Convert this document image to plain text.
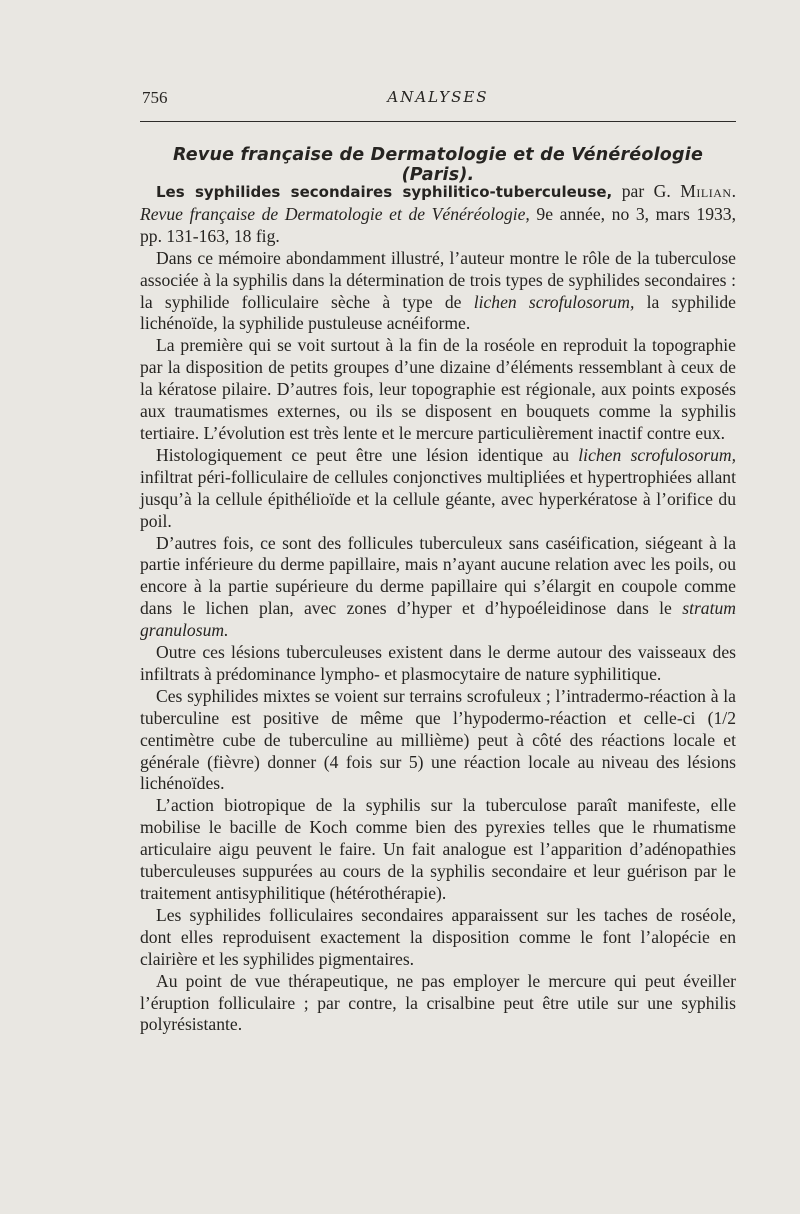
756	ANALYSES
Revue française de Dermatologie et de Vénéréologie (Paris).

Les syphilides secondaires syphilitico-tuberculeuse, par G. Milian. Revue française de Dermatologie et de Vénéréologie, 9e année, no 3, mars 1933, pp. 131-163, 18 fig.

Dans ce mémoire abondamment illustré, l’auteur montre le rôle de la tuberculose associée à la syphilis dans la détermination de trois types de syphilides secondaires : la syphilide folliculaire sèche à type de lichen scrofulosorum, la syphilide lichénoïde, la syphilide pustuleuse acnéiforme.

La première qui se voit surtout à la fin de la roséole en reproduit la topographie par la disposition de petits groupes d’une dizaine d’éléments ressemblant à ceux de la kératose pilaire. D’autres fois, leur topographie est régionale, aux points exposés aux traumatismes externes, ou ils se disposent en bouquets comme la syphilis tertiaire. L’évolution est très lente et le mercure particulièrement inactif contre eux.

Histologiquement ce peut être une lésion identique au lichen scrofulosorum, infiltrat péri-folliculaire de cellules conjonctives multipliées et hypertrophiées allant jusqu’à la cellule épithélioïde et la cellule géante, avec hyperkératose à l’orifice du poil.

D’autres fois, ce sont des follicules tuberculeux sans caséification, siégeant à la partie inférieure du derme papillaire, mais n’ayant aucune relation avec les poils, ou encore à la partie supérieure du derme papillaire qui s’élargit en coupole comme dans le lichen plan, avec zones d’hyper et d’hypoéleidinose dans le stratum granulosum.

Outre ces lésions tuberculeuses existent dans le derme autour des vaisseaux des infiltrats à prédominance lympho- et plasmocytaire de nature syphilitique.

Ces syphilides mixtes se voient sur terrains scrofuleux ; l’intradermo-réaction à la tuberculine est positive de même que l’hypodermo-réaction et celle-ci (1/2 centimètre cube de tuberculine au millième) peut à côté des réactions locale et générale (fièvre) donner (4 fois sur 5) une réaction locale au niveau des lésions lichénoïdes.

L’action biotropique de la syphilis sur la tuberculose paraît manifeste, elle mobilise le bacille de Koch comme bien des pyrexies telles que le rhumatisme articulaire aigu peuvent le faire. Un fait analogue est l’apparition d’adénopathies tuberculeuses suppurées au cours de la syphilis secondaire et leur guérison par le traitement antisyphilitique (hétérothérapie).

Les syphilides folliculaires secondaires apparaissent sur les taches de roséole, dont elles reproduisent exactement la disposition comme le font l’alopécie en clairière et les syphilides pigmentaires.

Au point de vue thérapeutique, ne pas employer le mercure qui peut éveiller l’éruption folliculaire ; par contre, la crisalbine peut être utile sur une syphilis polyrésistante.
